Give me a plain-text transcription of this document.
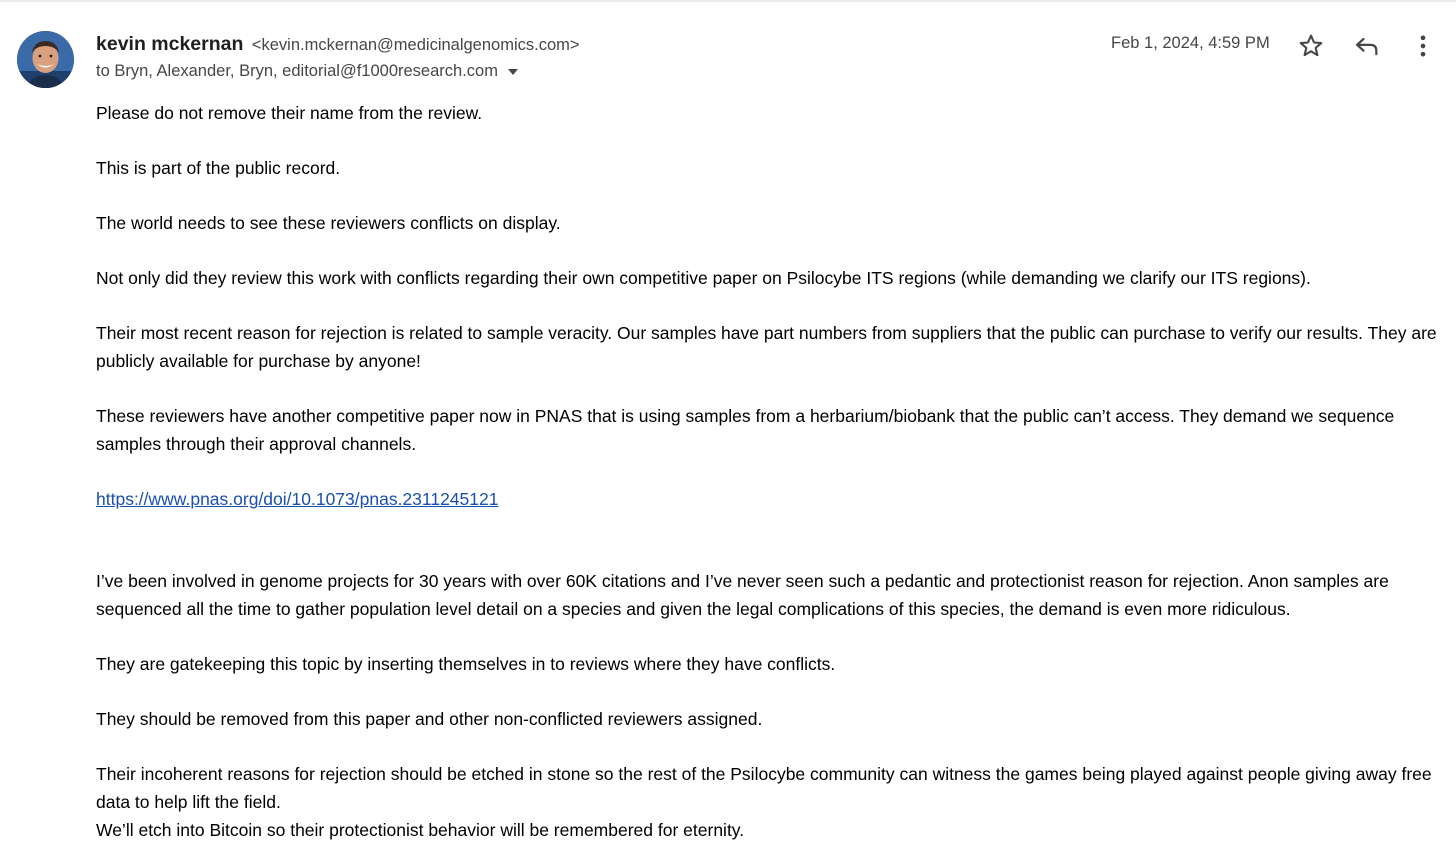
kevin mckernan <kevin.mckernan@medicinalgenomics.com>
to Bryn, Alexander, Bryn, editorial@f1000research.com
Feb 1, 2024, 4:59 PM

Please do not remove their name from the review.

This is part of the public record.

The world needs to see these reviewers conflicts on display.

Not only did they review this work with conflicts regarding their own competitive paper on Psilocybe ITS regions (while demanding we clarify our ITS regions).

Their most recent reason for rejection is related to sample veracity. Our samples have part numbers from suppliers that the public can purchase to verify our results. They are publicly available for purchase by anyone!

These reviewers have another competitive paper now in PNAS that is using samples from a herbarium/biobank that the public can’t access. They demand we sequence samples through their approval channels.

https://www.pnas.org/doi/10.1073/pnas.2311245121

I’ve been involved in genome projects for 30 years with over 60K citations and I’ve never seen such a pedantic and protectionist reason for rejection. Anon samples are sequenced all the time to gather population level detail on a species and given the legal complications of this species, the demand is even more ridiculous.

They are gatekeeping this topic by inserting themselves in to reviews where they have conflicts.

They should be removed from this paper and other non-conflicted reviewers assigned.

Their incoherent reasons for rejection should be etched in stone so the rest of the Psilocybe community can witness the games being played against people giving away free data to help lift the field.

We’ll etch into Bitcoin so their protectionist behavior will be remembered for eternity.
